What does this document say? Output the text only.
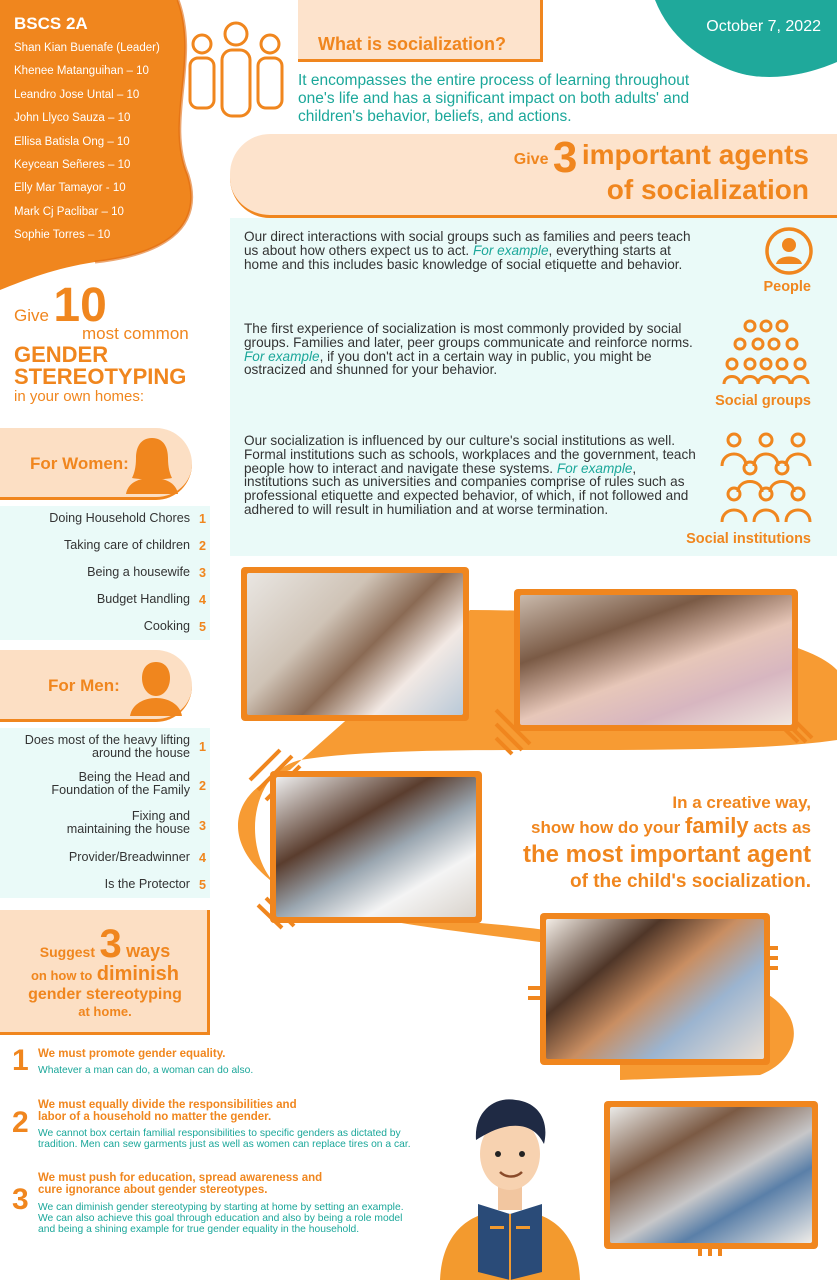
BSCS 2A
Shan Kian Buenafe (Leader)
Khenee Matanguihan – 10
Leandro Jose Untal – 10
John Llyco Sauza – 10
Ellisa Batisla Ong – 10
Keycean Señeres – 10
Elly Mar Tamayor - 10
Mark Cj Paclibar – 10
Sophie Torres – 10
October 7, 2022
What is socialization?
It encompasses the entire process of learning throughout one's life and has a significant impact on both adults' and children's behavior, beliefs, and actions.
Give 3 important agents
of socialization
Our direct interactions with social groups such as families and peers teach us about how others expect us to act. For example, everything starts at home and this includes basic knowledge of social etiquette and behavior.
People
The first experience of socialization is most commonly provided by social groups. Families and later, peer groups communicate and reinforce norms. For example, if you don't act in a certain way in public, you might be ostracized and shunned for your behavior.
Social groups
Our socialization is influenced by our culture's social institutions as well. Formal institutions such as schools, workplaces and the government, teach people how to interact and navigate these systems. For example, institutions such as universities and companies comprise of rules such as professional etiquette and expected behavior, of which, if not followed and adhered to will result in humiliation and at worse termination.
Social institutions
Give 10
most common
GENDER
STEREOTYPING
in your own homes:
For Women:
Doing Household Chores 1
Taking care of children 2
Being a housewife 3
Budget Handling 4
Cooking 5
For Men:
Does most of the heavy lifting
around the house 1
Being the Head and
Foundation of the Family 2
Fixing and
maintaining the house 3
Provider/Breadwinner 4
Is the Protector 5
Suggest 3 ways
on how to diminish
gender stereotyping
at home.
1 We must promote gender equality.
Whatever a man can do, a woman can do also.
2
We must equally divide the responsibilities and
labor of a household no matter the gender.
We cannot box certain familial responsibilities to specific genders as dictated by
tradition. Men can sew garments just as well as women can replace tires on a car.
3
We must push for education, spread awareness and
cure ignorance about gender stereotypes.
We can diminish gender stereotyping by starting at home by setting an example.
We can also achieve this goal through education and also by being a role model
and being a shining example for true gender equality in the household.
In a creative way,
show how do your family acts as
the most important agent
of the child's socialization.
